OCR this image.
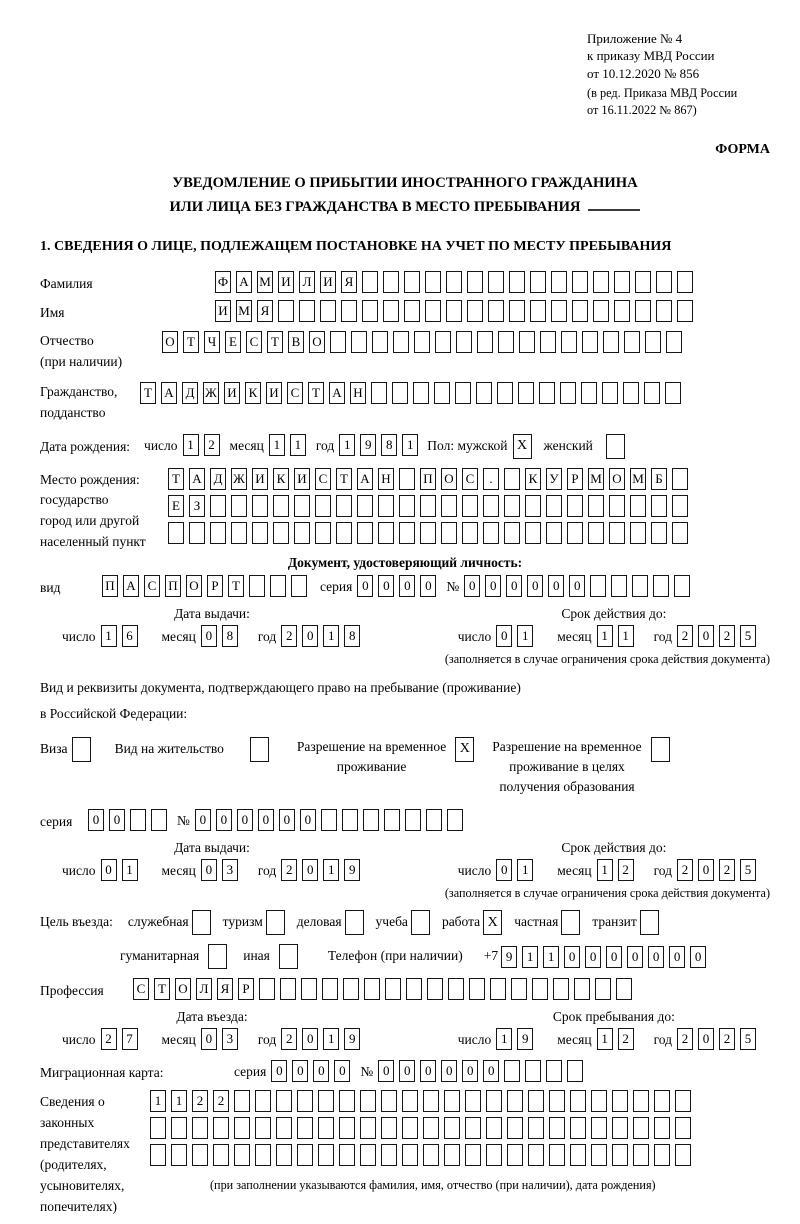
Приложение № 4
к приказу МВД России
от 10.12.2020 № 856
(в ред. Приказа МВД России
от 16.11.2022 № 867)
ФОРМА
УВЕДОМЛЕНИЕ О ПРИБЫТИИ ИНОСТРАННОГО ГРАЖДАНИНА
ИЛИ ЛИЦА БЕЗ ГРАЖДАНСТВА В МЕСТО ПРЕБЫВАНИЯ
1. СВЕДЕНИЯ О ЛИЦЕ, ПОДЛЕЖАЩЕМ ПОСТАНОВКЕ НА УЧЕТ ПО МЕСТУ ПРЕБЫВАНИЯ
Фамилия	Ф А М И Л И Я
Имя	И М Я
Отчество
(при наличии)
О Т Ч Е С Т В О
Гражданство,
подданство
Т А Д Ж И К И С Т А Н
Дата рождения:	число 1	2	месяц 1	1	год 1	9	8	1	Пол: мужской X	женский
Место рождения:
государство
город или другой
населенный пункт
Т А Д Ж И К И С Т А Н	П О С	.	К У Р М О М Б
Е	З
Документ, удостоверяющий личность:
вид	П А С П О Р	Т	серия 0	0	0	0	№ 0	0	0	0	0	0
Дата выдачи:
число 1	6	месяц 0	8	год 2	0	1	8
Срок действия до:
число 0	1	месяц 1	1	год 2	0	2	5
(заполняется в случае ограничения срока действия документа)
Вид и реквизиты документа, подтверждающего право на пребывание (проживание)
в Российской Федерации:
Виза	Вид на жительство	Разрешение на временное
проживание
X	Разрешение на временное
проживание в целях
получения образования
серия	0	0	№ 0	0	0	0	0	0
Дата выдачи:
число 0	1	месяц 0	3	год 2	0	1	9
Срок действия до:
число 0	1	месяц 1	2	год 2	0	2	5
(заполняется в случае ограничения срока действия документа)
Цель въезда:	служебная	туризм	деловая	учеба	работа X	частная	транзит
гуманитарная	иная	Телефон (при наличии)	+7 9	1	1	0	0	0	0	0	0	0
Профессия	С Т О Л Я	Р
Дата въезда:
число 2	7	месяц 0	3	год 2	0	1	9
Срок пребывания до:
число 1	9	месяц 1	2	год 2	0	2	5
Миграционная карта:	серия 0	0	0	0	№ 0	0	0	0	0	0
Сведения о
законных
представителях
(родителях,
усыновителях,
попечителях)
1	1	2	2
(при заполнении указываются фамилия, имя, отчество (при наличии), дата рождения)
